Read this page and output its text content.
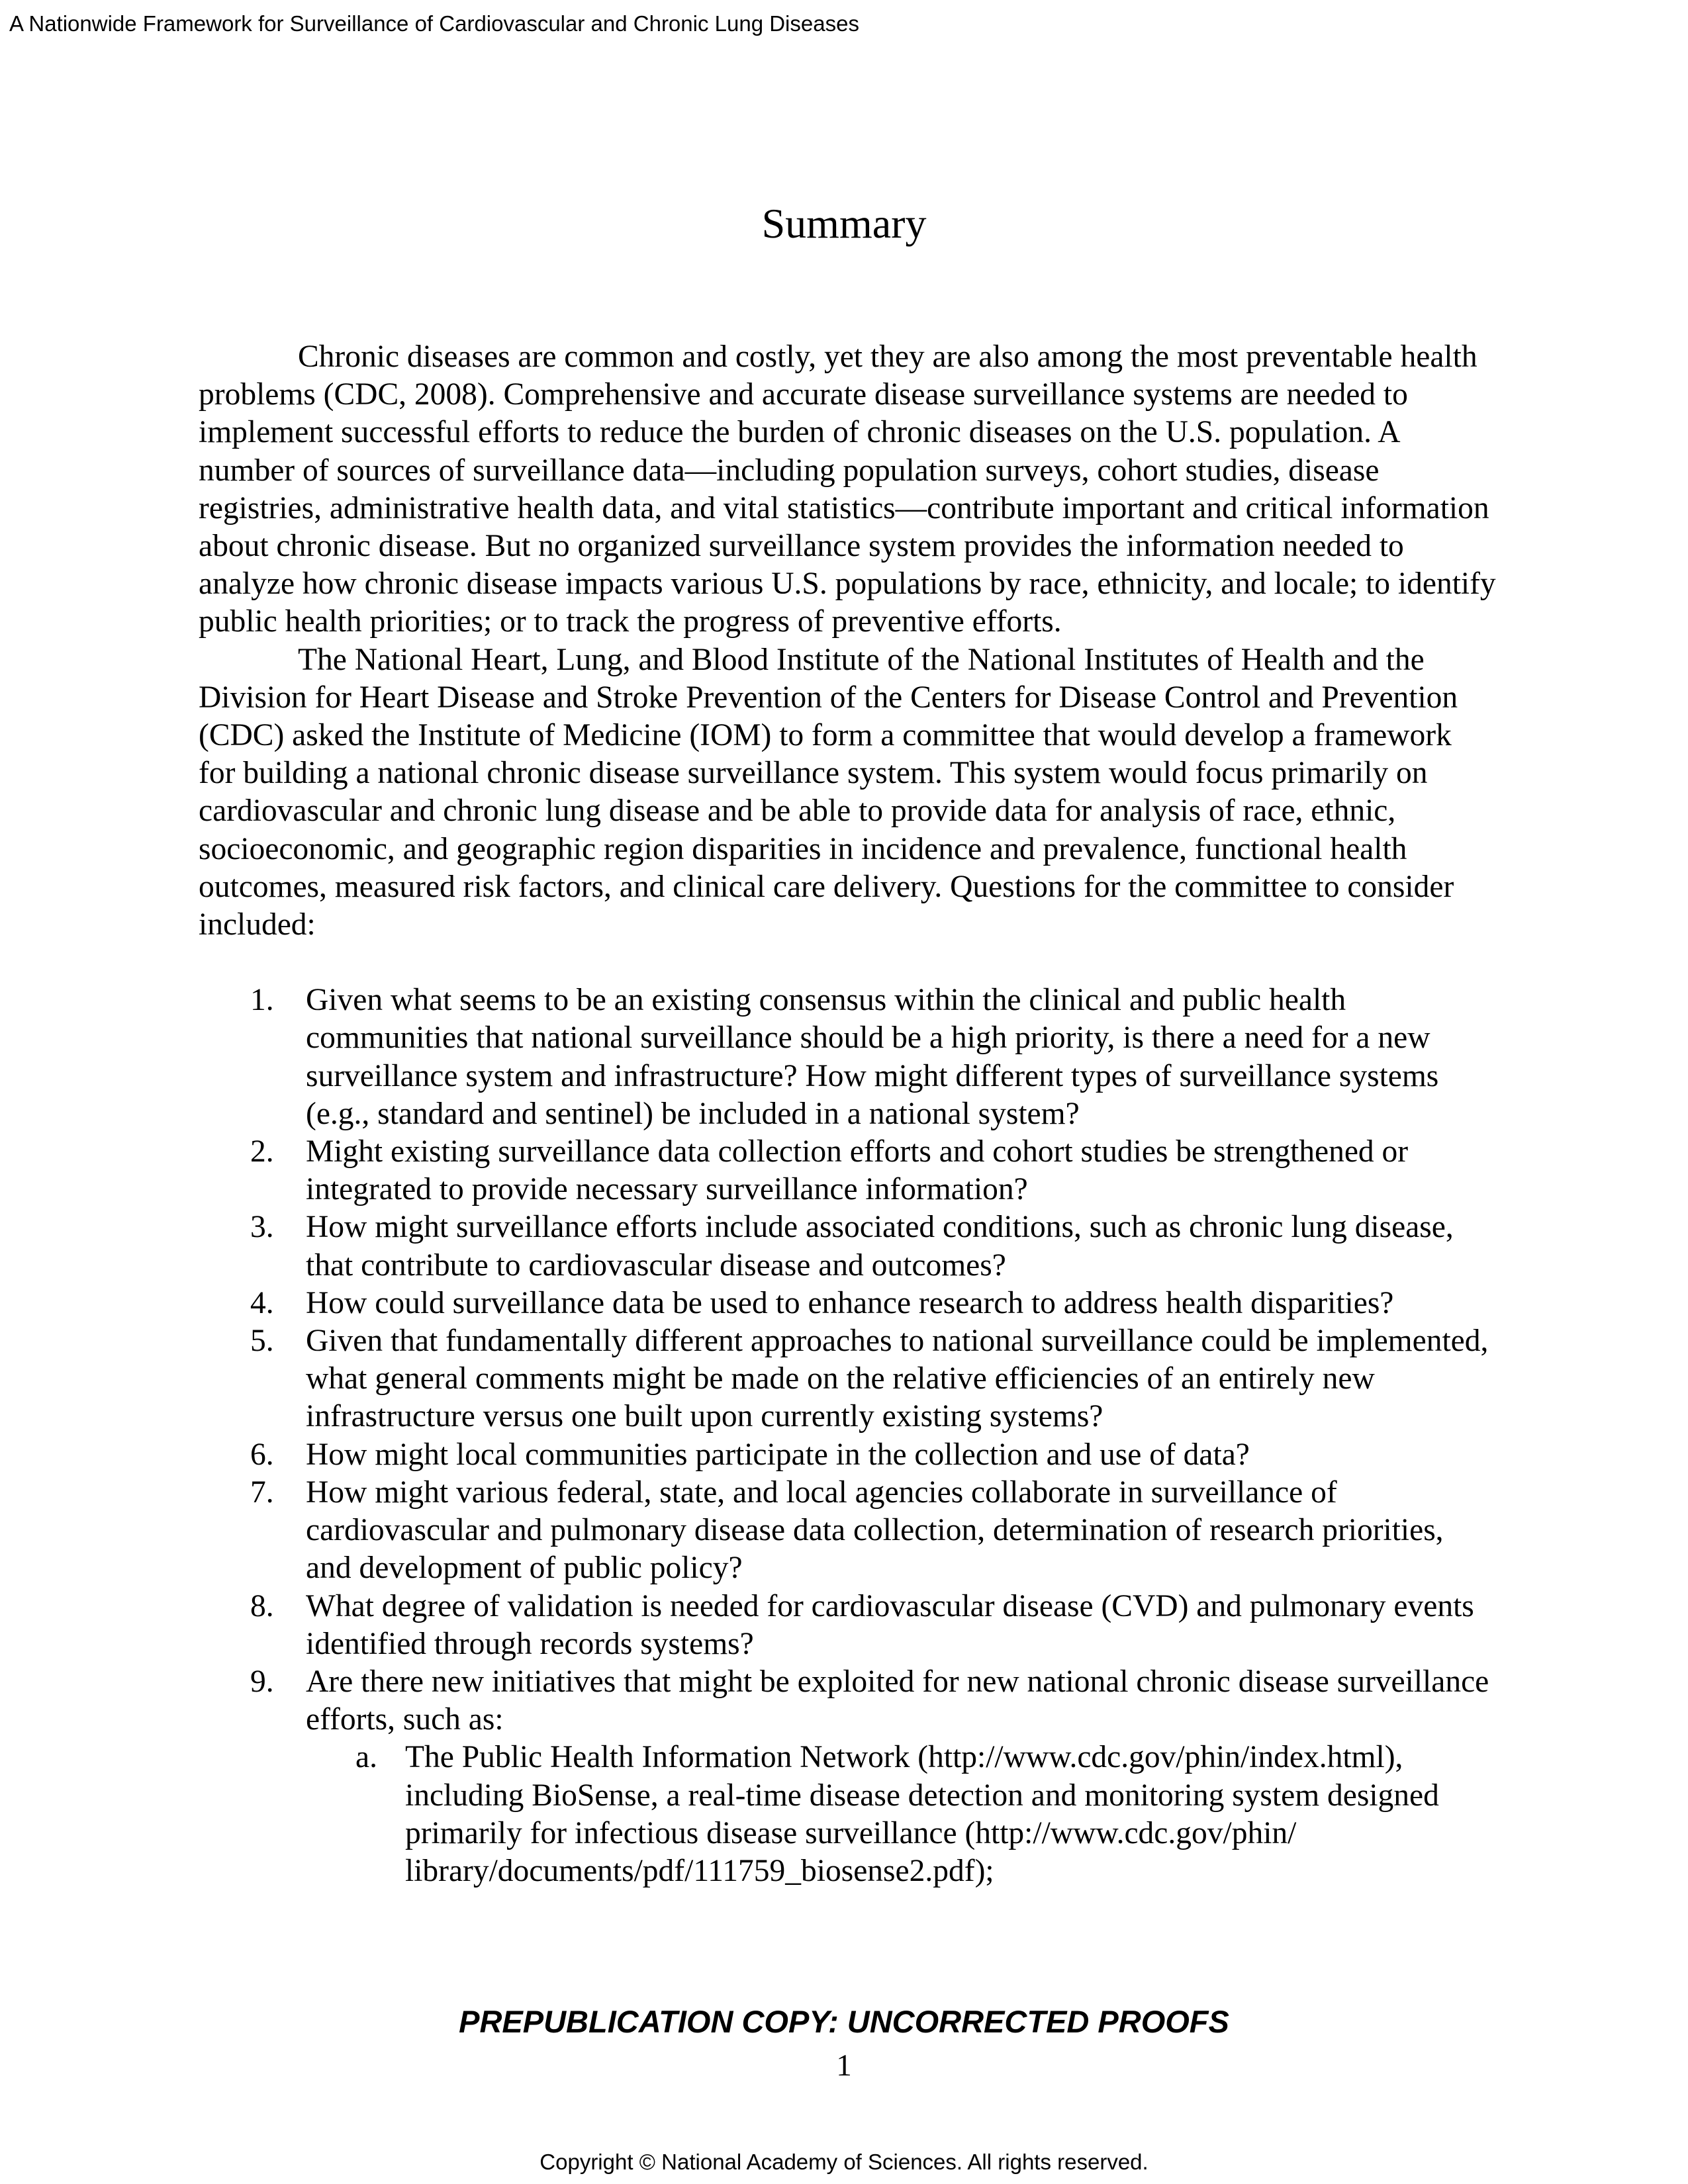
A Nationwide Framework for Surveillance of Cardiovascular and Chronic Lung Diseases
Summary

Chronic diseases are common and costly, yet they are also among the most preventable health problems (CDC, 2008). Comprehensive and accurate disease surveillance systems are needed to implement successful efforts to reduce the burden of chronic diseases on the U.S. population. A number of sources of surveillance data—including population surveys, cohort studies, disease registries, administrative health data, and vital statistics—contribute important and critical information about chronic disease. But no organized surveillance system provides the information needed to analyze how chronic disease impacts various U.S. populations by race, ethnicity, and locale; to identify public health priorities; or to track the progress of preventive efforts.

The National Heart, Lung, and Blood Institute of the National Institutes of Health and the Division for Heart Disease and Stroke Prevention of the Centers for Disease Control and Prevention (CDC) asked the Institute of Medicine (IOM) to form a committee that would develop a framework for building a national chronic disease surveillance system. This system would focus primarily on cardiovascular and chronic lung disease and be able to provide data for analysis of race, ethnic, socioeconomic, and geographic region disparities in incidence and prevalence, functional health outcomes, measured risk factors, and clinical care delivery. Questions for the committee to consider included:

1. Given what seems to be an existing consensus within the clinical and public health communities that national surveillance should be a high priority, is there a need for a new surveillance system and infrastructure? How might different types of surveillance systems (e.g., standard and sentinel) be included in a national system?
2. Might existing surveillance data collection efforts and cohort studies be strengthened or integrated to provide necessary surveillance information?
3. How might surveillance efforts include associated conditions, such as chronic lung disease, that contribute to cardiovascular disease and outcomes?
4. How could surveillance data be used to enhance research to address health disparities?
5. Given that fundamentally different approaches to national surveillance could be implemented, what general comments might be made on the relative efficiencies of an entirely new infrastructure versus one built upon currently existing systems?
6. How might local communities participate in the collection and use of data?
7. How might various federal, state, and local agencies collaborate in surveillance of cardiovascular and pulmonary disease data collection, determination of research priorities, and development of public policy?
8. What degree of validation is needed for cardiovascular disease (CVD) and pulmonary events identified through records systems?
9. Are there new initiatives that might be exploited for new national chronic disease surveillance efforts, such as:
a. The Public Health Information Network (http://www.cdc.gov/phin/index.html), including BioSense, a real-time disease detection and monitoring system designed primarily for infectious disease surveillance (http://www.cdc.gov/phin/ library/documents/pdf/111759_biosense2.pdf);
PREPUBLICATION COPY: UNCORRECTED PROOFS
1
Copyright © National Academy of Sciences. All rights reserved.
